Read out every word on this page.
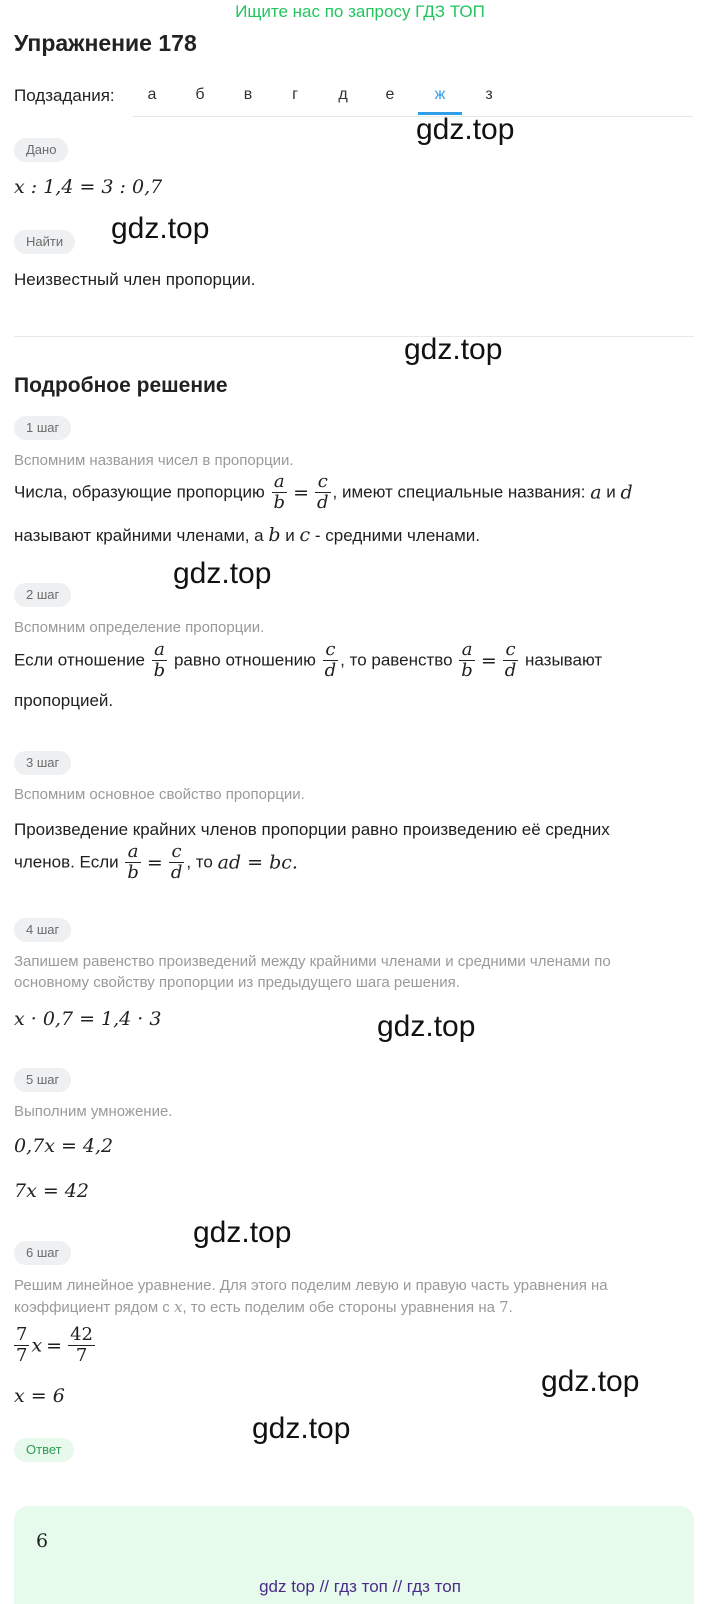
Ищите нас по запросу ГДЗ ТОП
Упражнение 178
Подзадания:	а	б	в	г	д	е	ж	з
Дано
x : 1,4 = 3 : 0,7
Найти
Неизвестный член пропорции.
Подробное решение
1 шаг
Вспомним названия чисел в пропорции.
Числа, образующие пропорцию $\frac{a}{b} = \frac{c}{d}$ , имеют специальные названия: a и d
называют крайними членами, а b и c - средними членами.
2 шаг
Вспомним определение пропорции.
Если отношение $\frac{a}{b}$ равно отношению $\frac{c}{d}$ , то равенство $\frac{a}{b} = \frac{c}{d}$ называют
пропорцией.
3 шаг
Вспомним основное свойство пропорции.
Произведение крайних членов пропорции равно произведению её средних
членов. Если $\frac{a}{b} = \frac{c}{d}$ , то ad = bc.
4 шаг
Запишем равенство произведений между крайними членами и средними членами по
основному свойству пропорции из предыдущего шага решения.
x · 0,7 = 1,4 · 3
5 шаг
Выполним умножение.
0,7x = 4,2
7x = 42
6 шаг
Решим линейное уравнение. Для этого поделим левую и правую часть уравнения на
коэффициент рядом с x, то есть поделим обе стороны уравнения на 7.
$\frac{7}{7}$ $x = \frac{42}{7}$
x = 6
Ответ
6
gdz.top
gdz.top
gdz.top
gdz.top
gdz.top
gdz.top
gdz.top
gdz.top
gdz top // гдз топ // гдз топ
